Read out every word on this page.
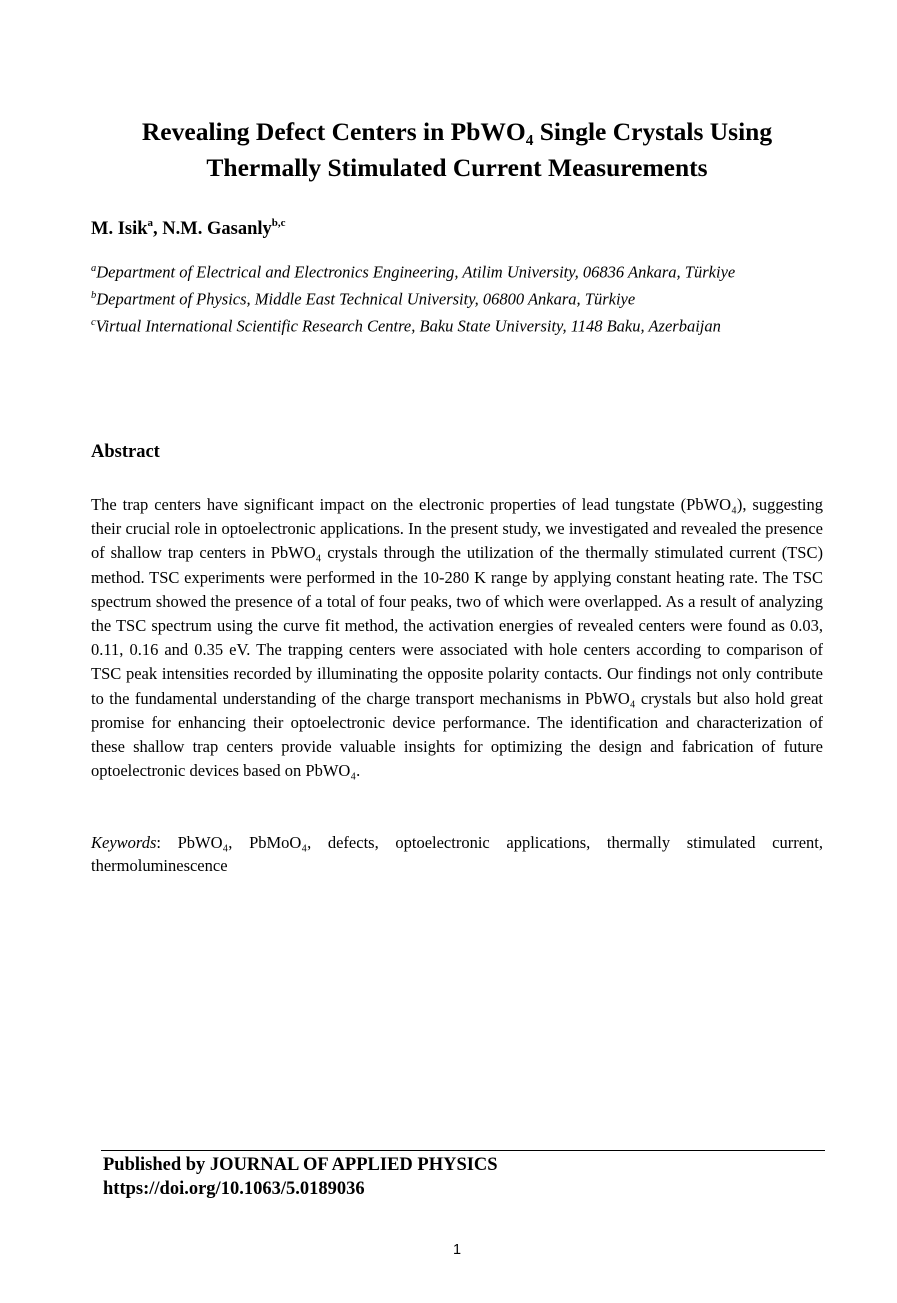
Revealing Defect Centers in PbWO₄ Single Crystals Using
Thermally Stimulated Current Measurements
M. Isik$^a$, N.M. Gasanly$^{b,c}$
$^a$Department of Electrical and Electronics Engineering, Atilim University, 06836 Ankara, Türkiye
$^b$Department of Physics, Middle East Technical University, 06800 Ankara, Türkiye
$^c$Virtual International Scientific Research Centre, Baku State University, 1148 Baku, Azerbaijan
Abstract

The trap centers have significant impact on the electronic properties of lead tungstate (PbWO₄), suggesting their crucial role in optoelectronic applications. In the present study, we investigated and revealed the presence of shallow trap centers in PbWO₄ crystals through the utilization of the thermally stimulated current (TSC) method. TSC experiments were performed in the 10-280 K range by applying constant heating rate. The TSC spectrum showed the presence of a total of four peaks, two of which were overlapped. As a result of analyzing the TSC spectrum using the curve fit method, the activation energies of revealed centers were found as 0.03, 0.11, 0.16 and 0.35 eV. The trapping centers were associated with hole centers according to comparison of TSC peak intensities recorded by illuminating the opposite polarity contacts. Our findings not only contribute to the fundamental understanding of the charge transport mechanisms in PbWO₄ crystals but also hold great promise for enhancing their optoelectronic device performance. The identification and characterization of these shallow trap centers provide valuable insights for optimizing the design and fabrication of future optoelectronic devices based on PbWO₄.

Keywords: PbWO₄, PbMoO₄, defects, optoelectronic applications, thermally stimulated current, thermoluminescence
Published by JOURNAL OF APPLIED PHYSICS
https://doi.org/10.1063/5.0189036
1
